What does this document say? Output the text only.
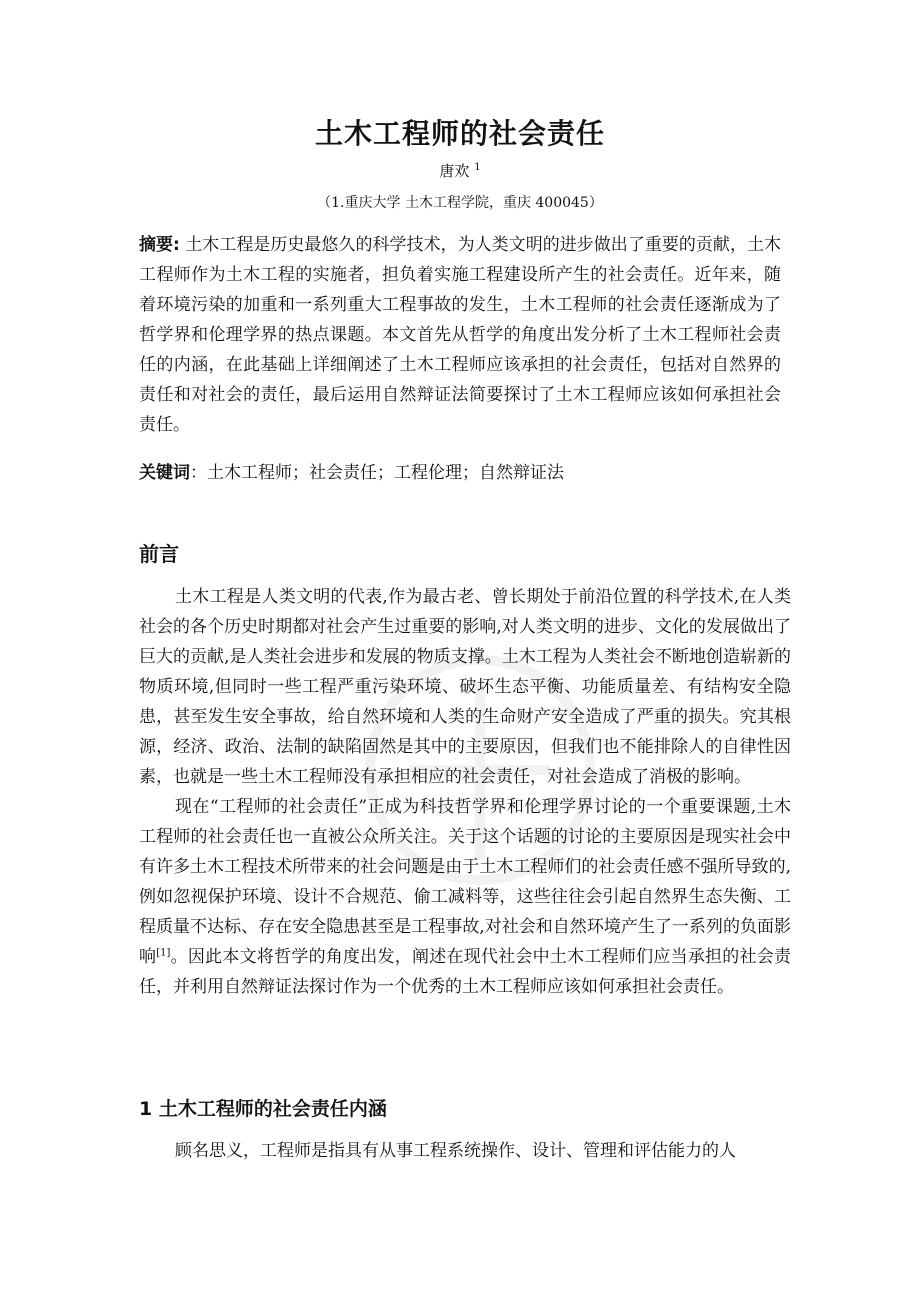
土木工程师的社会责任
唐欢 $^1$
（1.重庆大学 土木工程学院，重庆 400045）

摘要: 土木工程是历史最悠久的科学技术，为人类文明的进步做出了重要的贡献，土木工程师作为土木工程的实施者，担负着实施工程建设所产生的社会责任。近年来，随着环境污染的加重和一系列重大工程事故的发生，土木工程师的社会责任逐渐成为了哲学界和伦理学界的热点课题。本文首先从哲学的角度出发分析了土木工程师社会责任的内涵，在此基础上详细阐述了土木工程师应该承担的社会责任，包括对自然界的责任和对社会的责任，最后运用自然辩证法简要探讨了土木工程师应该如何承担社会责任。

关键词：土木工程师；社会责任；工程伦理；自然辩证法
前言

土木工程是人类文明的代表,作为最古老、曾长期处于前沿位置的科学技术,在人类社会的各个历史时期都对社会产生过重要的影响,对人类文明的进步、文化的发展做出了巨大的贡献,是人类社会进步和发展的物质支撑。土木工程为人类社会不断地创造崭新的物质环境,但同时一些工程严重污染环境、破坏生态平衡、功能质量差、有结构安全隐患，甚至发生安全事故，给自然环境和人类的生命财产安全造成了严重的损失。究其根源，经济、政治、法制的缺陷固然是其中的主要原因，但我们也不能排除人的自律性因素，也就是一些土木工程师没有承担相应的社会责任，对社会造成了消极的影响。

现在“工程师的社会责任”正成为科技哲学界和伦理学界讨论的一个重要课题,土木工程师的社会责任也一直被公众所关注。关于这个话题的讨论的主要原因是现实社会中有许多土木工程技术所带来的社会问题是由于土木工程师们的社会责任感不强所导致的,例如忽视保护环境、设计不合规范、偷工减料等，这些往往会引起自然界生态失衡、工程质量不达标、存在安全隐患甚至是工程事故,对社会和自然环境产生了一系列的负面影响[1]。因此本文将哲学的角度出发，阐述在现代社会中土木工程师们应当承担的社会责任，并利用自然辩证法探讨作为一个优秀的土木工程师应该如何承担社会责任。

1 土木工程师的社会责任内涵

顾名思义，工程师是指具有从事工程系统操作、设计、管理和评估能力的人
